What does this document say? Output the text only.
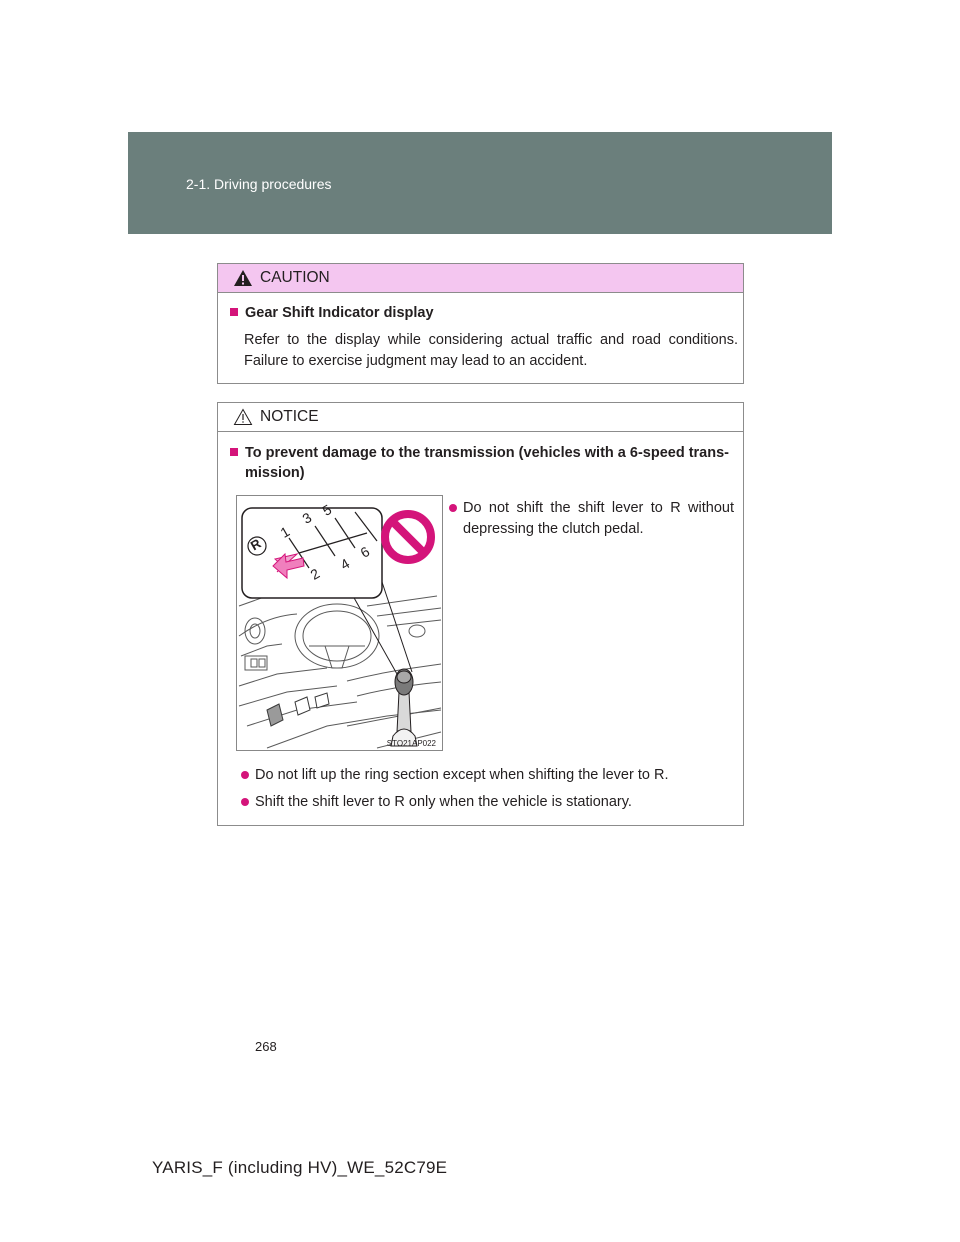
2-1. Driving procedures
CAUTION
Gear Shift Indicator display
Refer to the display while considering actual traffic and road conditions. Failure to exercise judgment may lead to an accident.
NOTICE
To prevent damage to the transmission (vehicles with a 6-speed trans-
mission)
R
1
2
3
4
5
6
STO21AP022
Do not shift the shift lever to R without
depressing the clutch pedal.
Do not lift up the ring section except when shifting the lever to R.
Shift the shift lever to R only when the vehicle is stationary.
268
YARIS_F (including HV)_WE_52C79E
